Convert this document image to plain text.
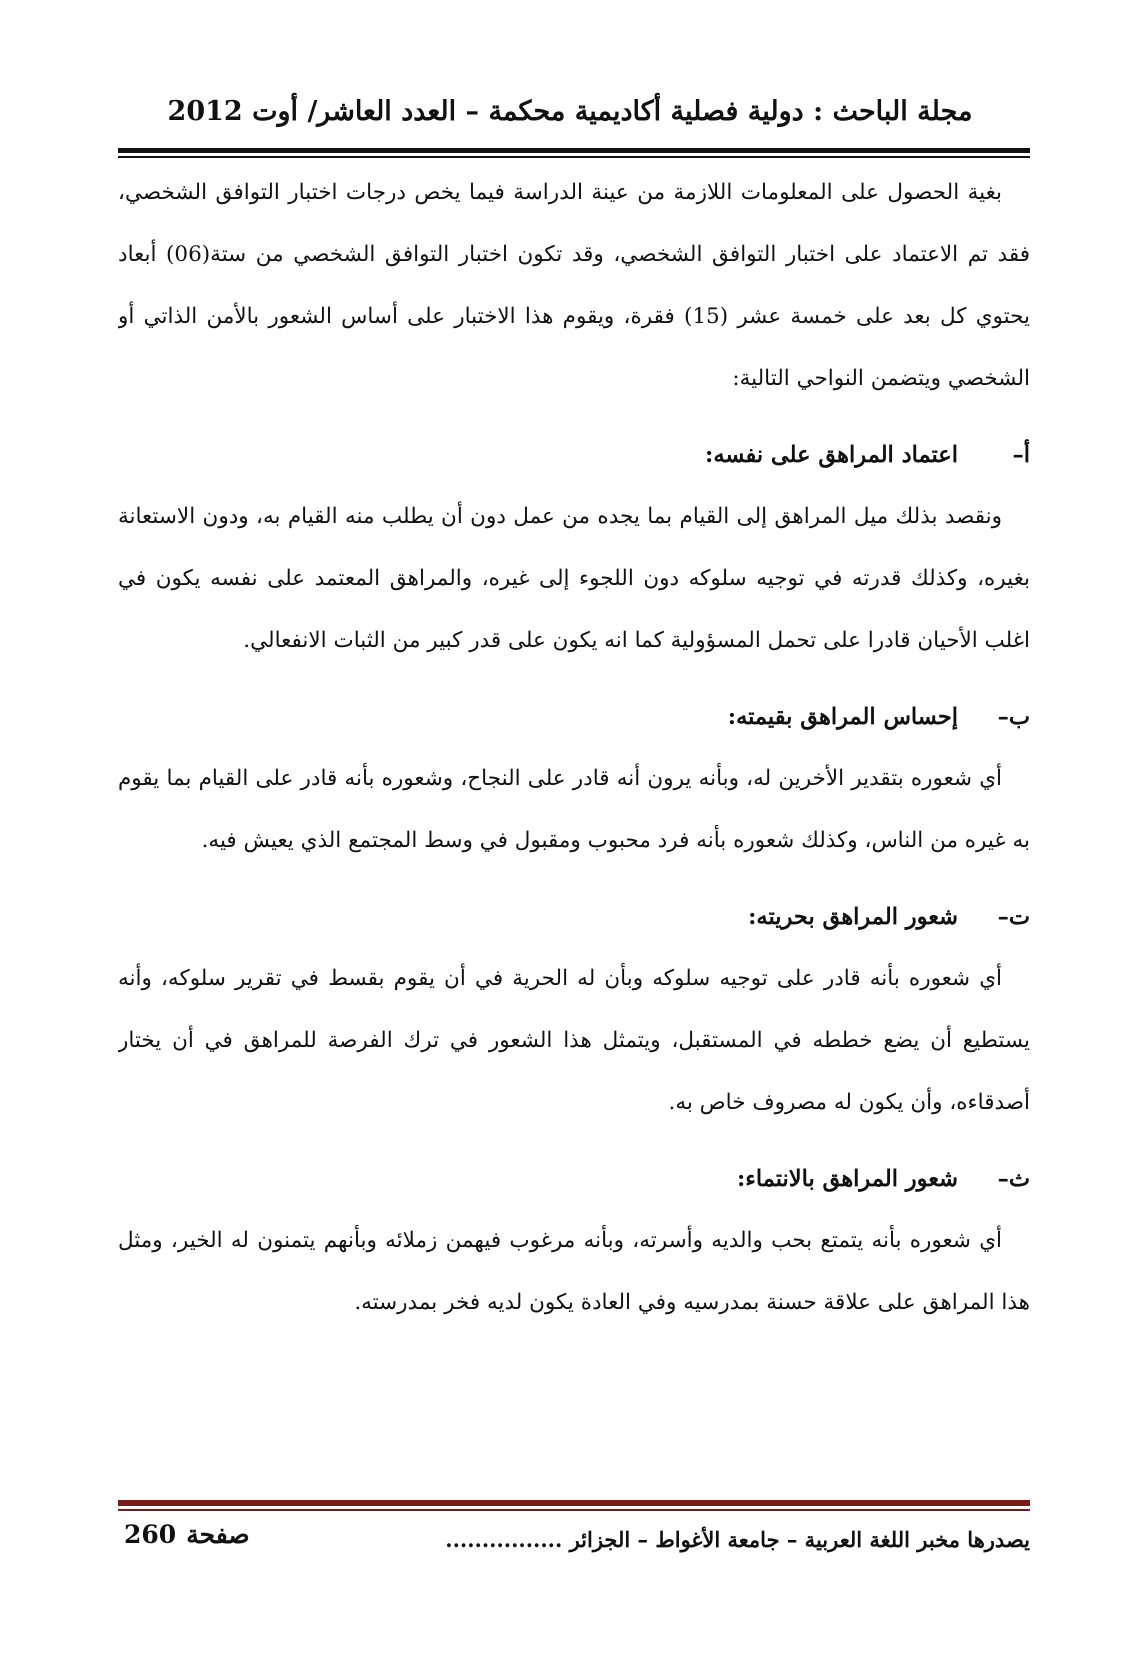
مجلة الباحث : دولية فصلية أكاديمية محكمة – العدد العاشر/ أوت 2012

بغية الحصول على المعلومات اللازمة من عينة الدراسة فيما يخص درجات اختبار التوافق الشخصي، فقد تم الاعتماد على اختبار التوافق الشخصي، وقد تكون اختبار التوافق الشخصي من ستة(06) أبعاد يحتوي كل بعد على خمسة عشر (15) فقرة، ويقوم هذا الاختبار على أساس الشعور بالأمن الذاتي أو الشخصي ويتضمن النواحي التالية:

أ–
اعتماد المراهق على نفسه:

ونقصد بذلك ميل المراهق إلى القيام بما يجده من عمل دون أن يطلب منه القيام به، ودون الاستعانة بغيره، وكذلك قدرته في توجيه سلوكه دون اللجوء إلى غيره، والمراهق المعتمد على نفسه يكون في اغلب الأحيان قادرا على تحمل المسؤولية كما انه يكون على قدر كبير من الثبات الانفعالي.

ب–
إحساس المراهق بقيمته:

أي شعوره بتقدير الأخرين له، وبأنه يرون أنه قادر على النجاح، وشعوره بأنه قادر على القيام بما يقوم به غيره من الناس، وكذلك شعوره بأنه فرد محبوب ومقبول في وسط المجتمع الذي يعيش فيه.

ت–
شعور المراهق بحريته:

أي شعوره بأنه قادر على توجيه سلوكه وبأن له الحرية في أن يقوم بقسط في تقرير سلوكه، وأنه يستطيع أن يضع خططه في المستقبل، ويتمثل هذا الشعور في ترك الفرصة للمراهق في أن يختار أصدقاءه، وأن يكون له مصروف خاص به.

ث–
شعور المراهق بالانتماء:

أي شعوره بأنه يتمتع بحب والديه وأسرته، وبأنه مرغوب فيهمن زملائه وبأنهم يتمنون له الخير، ومثل هذا المراهق على علاقة حسنة بمدرسيه وفي العادة يكون لديه فخر بمدرسته.

يصدرها مخبر اللغة العربية – جامعة الأغواط – الجزائر ................
صفحة
260
